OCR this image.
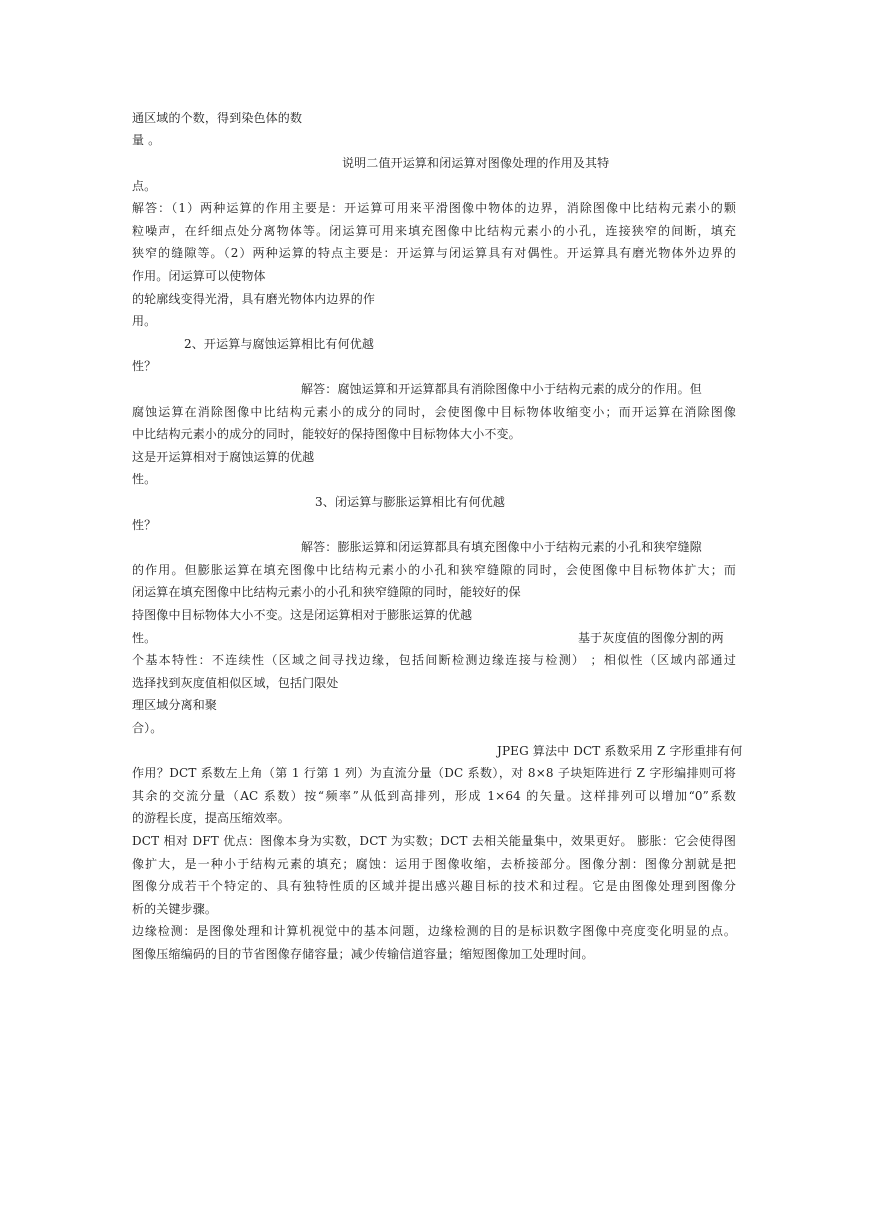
通区域的个数，得到染色体的数
量 。
说明二值开运算和闭运算对图像处理的作用及其特
点。
解答：（1）两种运算的作用主要是：开运算可用来平滑图像中物体的边界，消除图像中比结构元素小的颗
粒噪声，在纤细点处分离物体等。闭运算可用来填充图像中比结构元素小的小孔，连接狭窄的间断，填充
狭窄的缝隙等。（2）两种运算的特点主要是：开运算与闭运算具有对偶性。开运算具有磨光物体外边界的
作用。闭运算可以使物体
的轮廓线变得光滑，具有磨光物体内边界的作
用。
2、开运算与腐蚀运算相比有何优越
性？
解答：腐蚀运算和开运算都具有消除图像中小于结构元素的成分的作用。但
腐蚀运算在消除图像中比结构元素小的成分的同时，会使图像中目标物体收缩变小；而开运算在消除图像
中比结构元素小的成分的同时，能较好的保持图像中目标物体大小不变。
这是开运算相对于腐蚀运算的优越
性。
3、闭运算与膨胀运算相比有何优越
性？
解答：膨胀运算和闭运算都具有填充图像中小于结构元素的小孔和狭窄缝隙
的作用。但膨胀运算在填充图像中比结构元素小的小孔和狭窄缝隙的同时，会使图像中目标物体扩大；而
闭运算在填充图像中比结构元素小的小孔和狭窄缝隙的同时，能较好的保
持图像中目标物体大小不变。这是闭运算相对于膨胀运算的优越
性。	基于灰度值的图像分割的两
个基本特性：不连续性（区域之间寻找边缘，包括间断检测边缘连接与检测） ；相似性（区域内部通过
选择找到灰度值相似区域，包括门限处
理区域分离和聚
合）。
JPEG 算法中 DCT 系数采用 Z 字形重排有何
作用？DCT 系数左上角（第 1 行第 1 列）为直流分量（DC 系数），对 8×8 子块矩阵进行 Z 字形编排则可将
其余的交流分量（AC 系数）按“频率”从低到高排列，形成 1×64 的矢量。这样排列可以增加“0”系数
的游程长度，提高压缩效率。
DCT 相对 DFT 优点：图像本身为实数，DCT 为实数；DCT 去相关能量集中，效果更好。 膨胀：它会使得图
像扩大，是一种小于结构元素的填充；腐蚀：运用于图像收缩，去桥接部分。图像分割：图像分割就是把
图像分成若干个特定的、具有独特性质的区域并提出感兴趣目标的技术和过程。它是由图像处理到图像分
析的关键步骤。
边缘检测：是图像处理和计算机视觉中的基本问题，边缘检测的目的是标识数字图像中亮度变化明显的点。
图像压缩编码的目的节省图像存储容量；减少传输信道容量；缩短图像加工处理时间。
